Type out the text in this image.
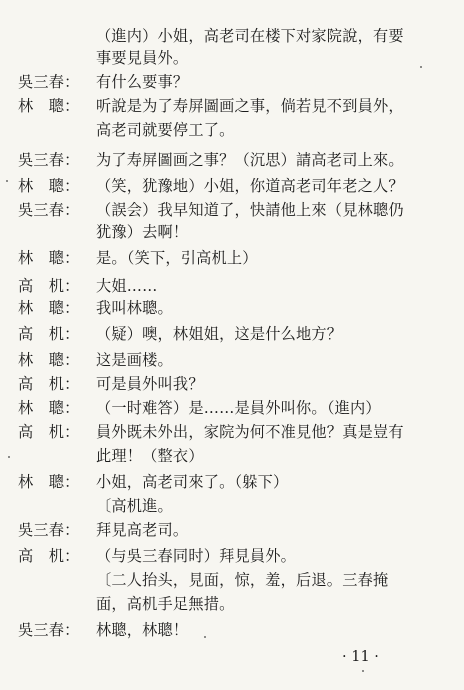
（進内）小姐，高老司在楼下对家院說，有要
事要見員外。
吳三春：	有什么要事？
林　聰：	听說是为了寿屏圖画之事，倘若見不到員外，
高老司就要停工了。
吳三春：	为了寿屏圖画之事？（沉思）請高老司上來。
林　聰：	（笑，犹豫地）小姐，你道高老司年老之人？
吳三春：	（誤会）我早知道了，快請他上來（見林聰仍
犹豫）去啊！
林　聰：	是。（笑下，引高机上）
高　机：	大姐……
林　聰：	我叫林聰。
高　机：	（疑）噢，林姐姐，这是什么地方？
林　聰：	这是画楼。
高　机：	可是員外叫我？
林　聰：	（一时难答）是……是員外叫你。（進内）
高　机：	員外既未外出，家院为何不准見他？真是豈有
此理！（整衣）
林　聰：	小姐，高老司來了。（躲下）
〔高机進。
吳三春：	拜見高老司。
高　机：	（与吳三春同时）拜見員外。
〔二人抬头，見面，惊，羞，后退。三春掩
面，高机手足無措。
吳三春：	林聰，林聰！
· 11 ·
